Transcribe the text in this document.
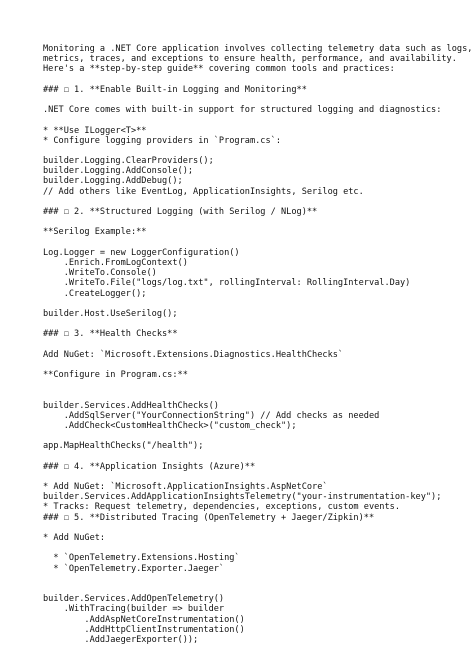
Monitoring a .NET Core application involves collecting telemetry data such as logs,
metrics, traces, and exceptions to ensure health, performance, and availability.
Here's a **step-by-step guide** covering common tools and practices:
### ☐ 1. **Enable Built-in Logging and Monitoring**
.NET Core comes with built-in support for structured logging and diagnostics:
* **Use ILogger<T>**
* Configure logging providers in `Program.cs`:
builder.Logging.ClearProviders();
builder.Logging.AddConsole();
builder.Logging.AddDebug();
// Add others like EventLog, ApplicationInsights, Serilog etc.
### ☐ 2. **Structured Logging (with Serilog / NLog)**
**Serilog Example:**
Log.Logger = new LoggerConfiguration()
.Enrich.FromLogContext()
.WriteTo.Console()
.WriteTo.File("logs/log.txt", rollingInterval: RollingInterval.Day)
.CreateLogger();
builder.Host.UseSerilog();
### ☐ 3. **Health Checks**
Add NuGet: `Microsoft.Extensions.Diagnostics.HealthChecks`
**Configure in Program.cs:**
builder.Services.AddHealthChecks()
.AddSqlServer("YourConnectionString") // Add checks as needed
.AddCheck<CustomHealthCheck>("custom_check");
app.MapHealthChecks("/health");
### ☐ 4. **Application Insights (Azure)**
* Add NuGet: `Microsoft.ApplicationInsights.AspNetCore`
builder.Services.AddApplicationInsightsTelemetry("your-instrumentation-key");
* Tracks: Request telemetry, dependencies, exceptions, custom events.
### ☐ 5. **Distributed Tracing (OpenTelemetry + Jaeger/Zipkin)**
* Add NuGet:
* `OpenTelemetry.Extensions.Hosting`
* `OpenTelemetry.Exporter.Jaeger`
builder.Services.AddOpenTelemetry()
.WithTracing(builder => builder
.AddAspNetCoreInstrumentation()
.AddHttpClientInstrumentation()
.AddJaegerExporter());
